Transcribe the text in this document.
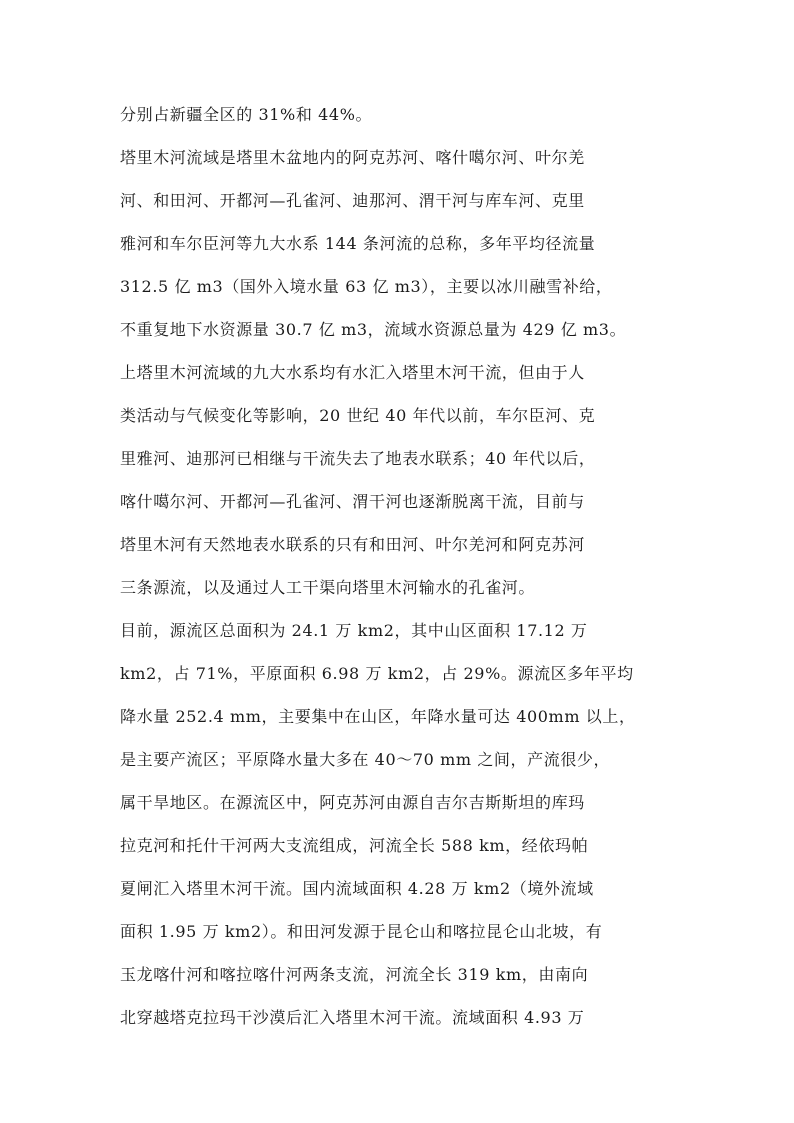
分别占新疆全区的 31%和 44%。
塔里木河流域是塔里木盆地内的阿克苏河、喀什噶尔河、叶尔羌
河、和田河、开都河—孔雀河、迪那河、渭干河与库车河、克里
雅河和车尔臣河等九大水系 144 条河流的总称，多年平均径流量
312.5 亿 m3（国外入境水量 63 亿 m3），主要以冰川融雪补给，
不重复地下水资源量 30.7 亿 m3，流域水资源总量为 429 亿 m3。
上塔里木河流域的九大水系均有水汇入塔里木河干流，但由于人
类活动与气候变化等影响，20 世纪 40 年代以前，车尔臣河、克
里雅河、迪那河已相继与干流失去了地表水联系；40 年代以后，
喀什噶尔河、开都河—孔雀河、渭干河也逐渐脱离干流，目前与
塔里木河有天然地表水联系的只有和田河、叶尔羌河和阿克苏河
三条源流，以及通过人工干渠向塔里木河输水的孔雀河。
目前，源流区总面积为 24.1 万 km2，其中山区面积 17.12 万
km2，占 71%，平原面积 6.98 万 km2，占 29%。源流区多年平均
降水量 252.4 mm，主要集中在山区，年降水量可达 400mm 以上，
是主要产流区；平原降水量大多在 40～70 mm 之间，产流很少，
属干旱地区。在源流区中，阿克苏河由源自吉尔吉斯斯坦的库玛
拉克河和托什干河两大支流组成，河流全长 588 km，经依玛帕
夏闸汇入塔里木河干流。国内流域面积 4.28 万 km2（境外流域
面积 1.95 万 km2）。和田河发源于昆仑山和喀拉昆仑山北坡，有
玉龙喀什河和喀拉喀什河两条支流，河流全长 319 km，由南向
北穿越塔克拉玛干沙漠后汇入塔里木河干流。流域面积 4.93 万
